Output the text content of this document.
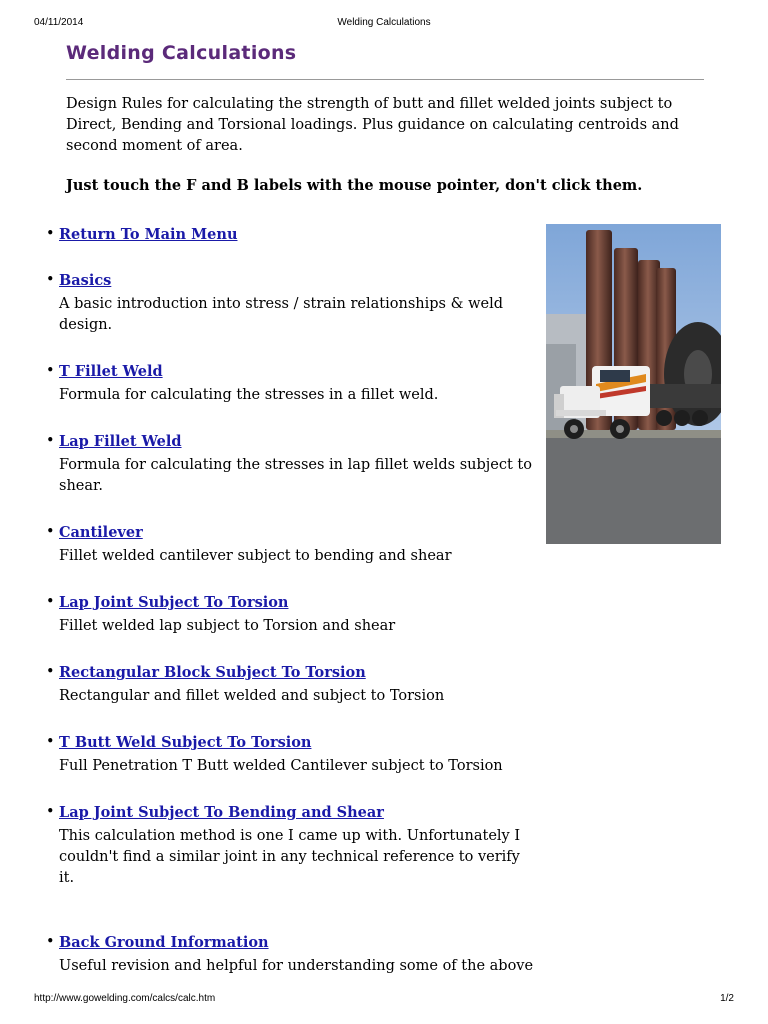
04/11/2014	Welding Calculations
Welding Calculations

Design Rules for calculating the strength of butt and fillet welded joints subject to Direct, Bending and Torsional loadings. Plus guidance on calculating centroids and second moment of area.

Just touch the F and B labels with the mouse pointer, don't click them.

• Return To Main Menu
• Basics
A basic introduction into stress / strain relationships & weld design.
• T Fillet Weld
Formula for calculating the stresses in a fillet weld.
• Lap Fillet Weld
Formula for calculating the stresses in lap fillet welds subject to shear.
• Cantilever
Fillet welded cantilever subject to bending and shear
• Lap Joint Subject To Torsion
Fillet welded lap subject to Torsion and shear
• Rectangular Block Subject To Torsion
Rectangular and fillet welded and subject to Torsion
• T Butt Weld Subject To Torsion
Full Penetration T Butt welded Cantilever subject to Torsion
• Lap Joint Subject To Bending and Shear
This calculation method is one I came up with. Unfortunately I couldn't find a similar joint in any technical reference to verify it.
• Back Ground Information
Useful revision and helpful for understanding some of the above
http://www.gowelding.com/calcs/calc.htm	1/2
